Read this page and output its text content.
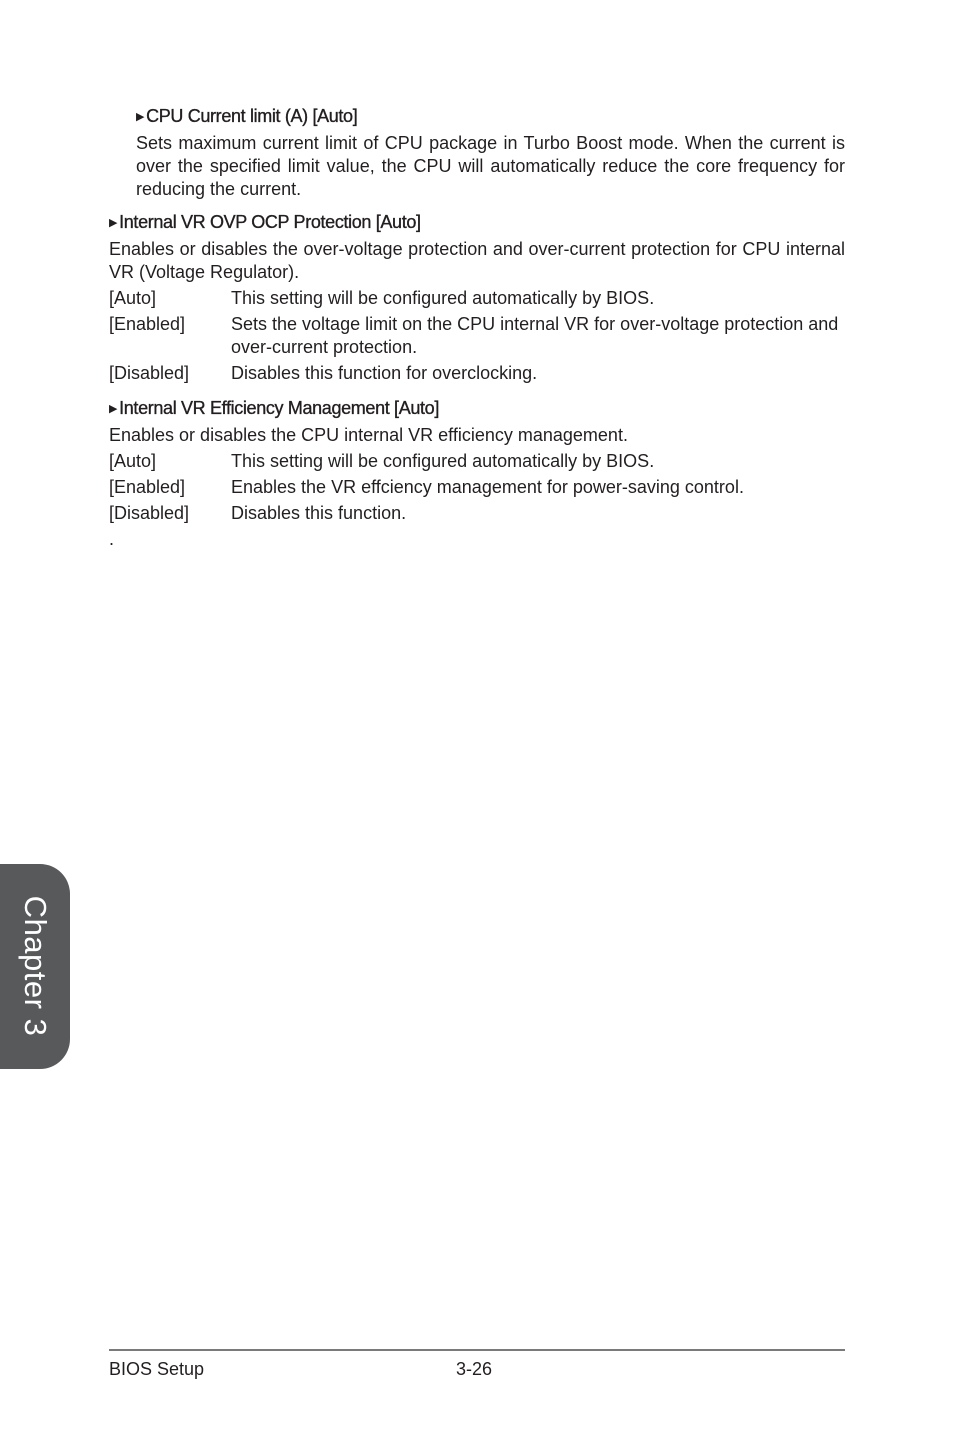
▶ CPU Current limit (A) [Auto]

Sets maximum current limit of CPU package in Turbo Boost mode. When the current is over the specified limit value, the CPU will automatically reduce the core frequency for reducing the current.

▶ Internal VR OVP OCP Protection [Auto]

Enables or disables the over-voltage protection and over-current protection for CPU internal VR (Voltage Regulator).

[Auto]	This setting will be configured automatically by BIOS.
[Enabled]	Sets the voltage limit on the CPU internal VR for over-voltage protection and over-current protection.
[Disabled]	Disables this function for overclocking.
▶ Internal VR Efficiency Management [Auto]

Enables or disables the CPU internal VR efficiency management.

[Auto]	This setting will be configured automatically by BIOS.
[Enabled]	Enables the VR effciency management for power-saving control.
[Disabled]	Disables this function.
.
Chapter 3
BIOS Setup	3-26
